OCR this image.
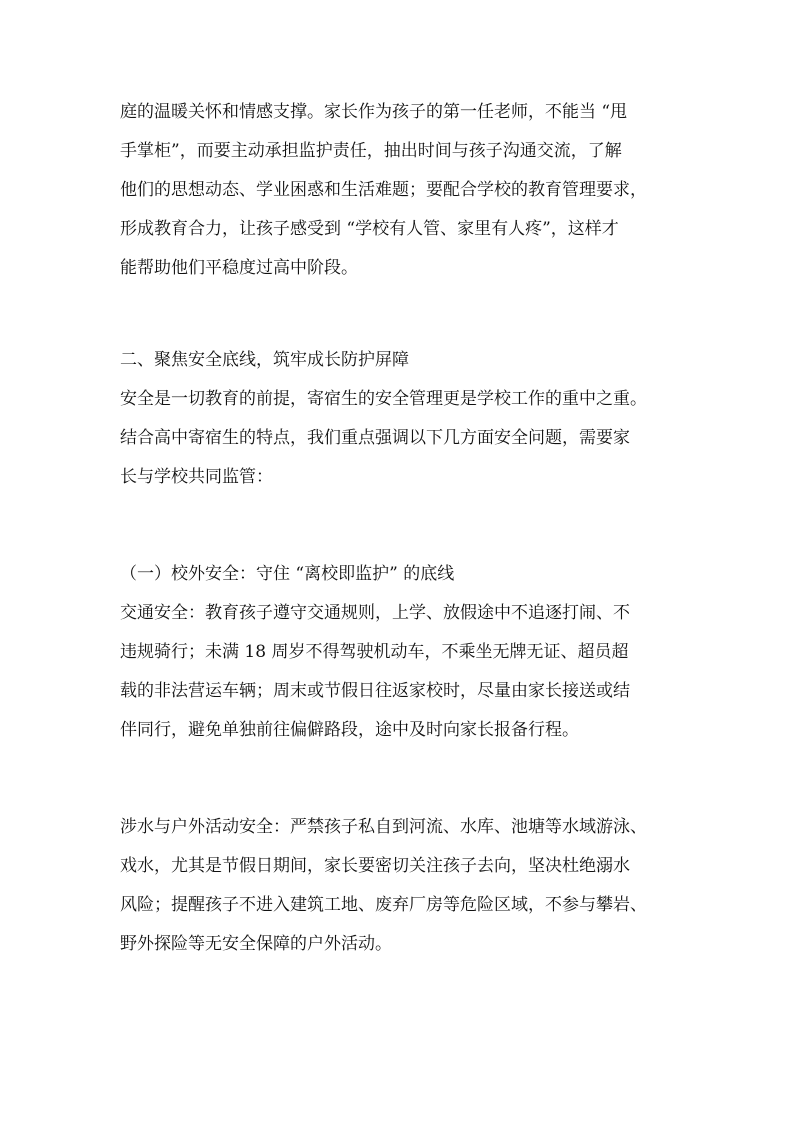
庭的温暖关怀和情感支撑。家长作为孩子的第一任老师，不能当 “甩
手掌柜”，而要主动承担监护责任，抽出时间与孩子沟通交流，了解
他们的思想动态、学业困惑和生活难题；要配合学校的教育管理要求，
形成教育合力，让孩子感受到 “学校有人管、家里有人疼”，这样才
能帮助他们平稳度过高中阶段。
二、聚焦安全底线，筑牢成长防护屏障
安全是一切教育的前提，寄宿生的安全管理更是学校工作的重中之重。
结合高中寄宿生的特点，我们重点强调以下几方面安全问题，需要家
长与学校共同监管：
（一）校外安全：守住 “离校即监护” 的底线
交通安全：教育孩子遵守交通规则，上学、放假途中不追逐打闹、不
违规骑行；未满 18 周岁不得驾驶机动车，不乘坐无牌无证、超员超
载的非法营运车辆；周末或节假日往返家校时，尽量由家长接送或结
伴同行，避免单独前往偏僻路段，途中及时向家长报备行程。
涉水与户外活动安全：严禁孩子私自到河流、水库、池塘等水域游泳、
戏水，尤其是节假日期间，家长要密切关注孩子去向，坚决杜绝溺水
风险；提醒孩子不进入建筑工地、废弃厂房等危险区域，不参与攀岩、
野外探险等无安全保障的户外活动。
